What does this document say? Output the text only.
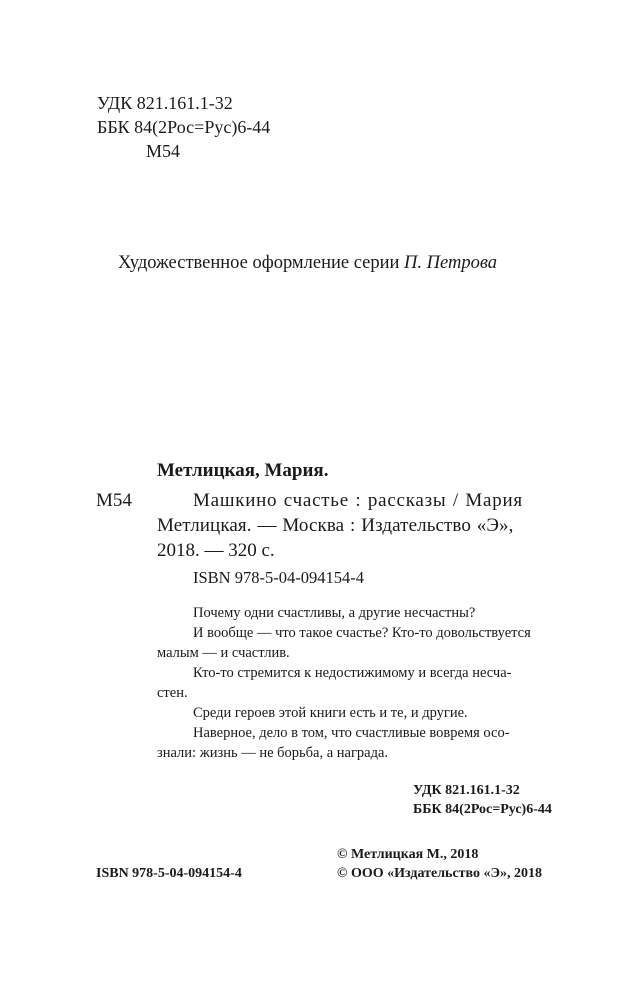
УДК 821.161.1-32
ББК 84(2Рос=Рус)6-44
М54
Художественное оформление серии П. Петрова
Метлицкая, Мария.
М54	Машкино счастье : рассказы / Мария
Метлицкая. — Москва : Издательство «Э»,
2018. — 320 с.
ISBN 978-5-04-094154-4
Почему одни счастливы, а другие несчастны?
И вообще — что такое счастье? Кто-то довольствуется
малым — и счастлив.
Кто-то стремится к недостижимому и всегда несча-
стен.
Среди героев этой книги есть и те, и другие.
Наверное, дело в том, что счастливые вовремя осо-
знали: жизнь — не борьба, а награда.
УДК 821.161.1-32
ББК 84(2Рос=Рус)6-44
© Метлицкая М., 2018
ISBN 978-5-04-094154-4	© ООО «Издательство «Э», 2018
